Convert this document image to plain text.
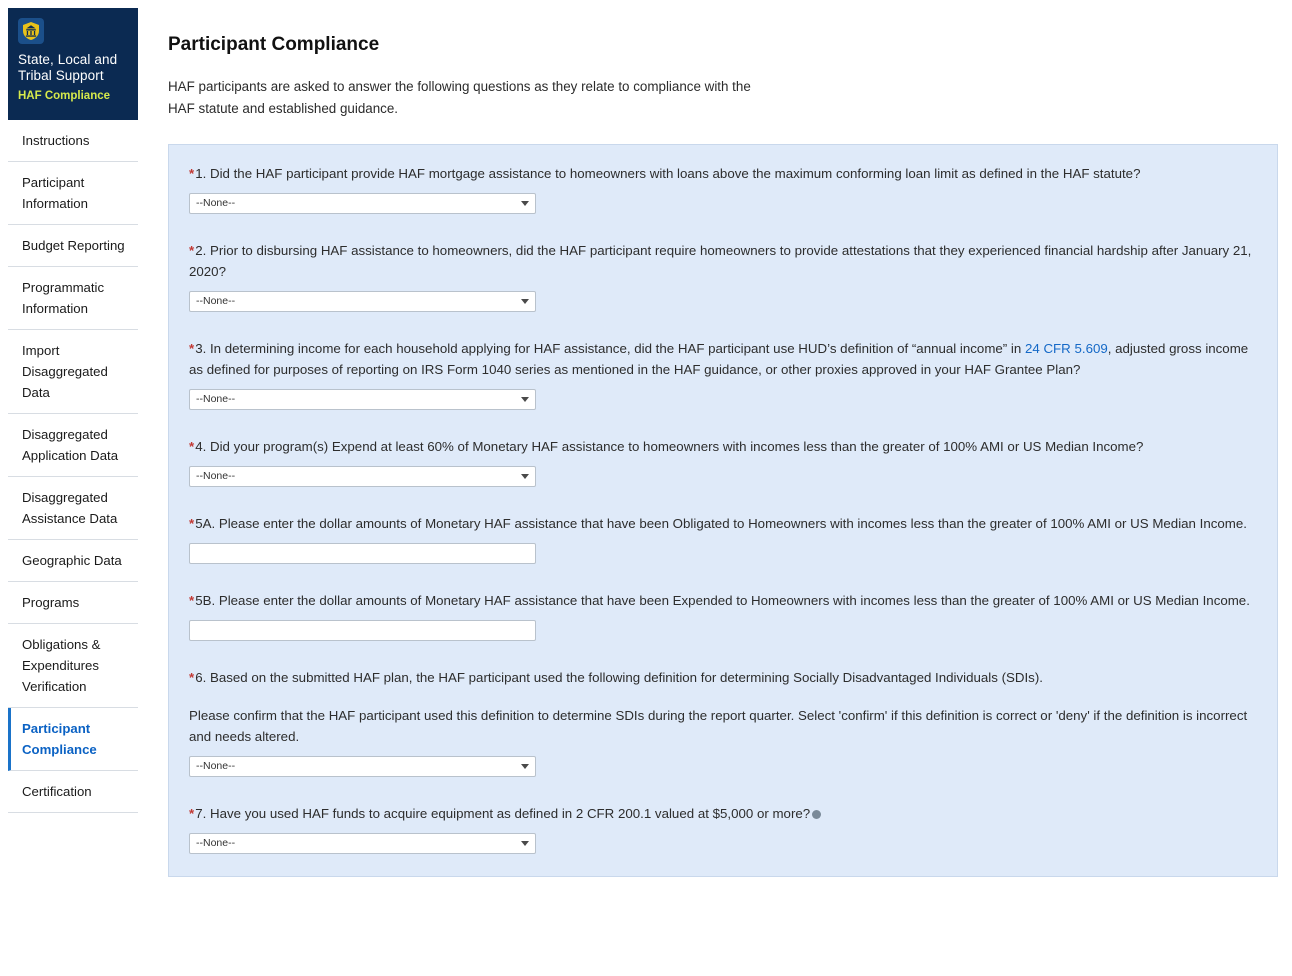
State, Local and Tribal Support
HAF Compliance
Instructions
Participant Information
Budget Reporting
Programmatic Information
Import Disaggregated Data
Disaggregated Application Data
Disaggregated Assistance Data
Geographic Data
Programs
Obligations & Expenditures Verification
Participant Compliance
Certification
Participant Compliance
HAF participants are asked to answer the following questions as they relate to compliance with the
HAF statute and established guidance.
*1. Did the HAF participant provide HAF mortgage assistance to homeowners with loans above the maximum conforming loan limit as defined in the HAF statute?
--None--
*2. Prior to disbursing HAF assistance to homeowners, did the HAF participant require homeowners to provide attestations that they experienced financial hardship after January 21, 2020?
--None--
*3. In determining income for each household applying for HAF assistance, did the HAF participant use HUD’s definition of “annual income” in 24 CFR 5.609, adjusted gross income as defined for purposes of reporting on IRS Form 1040 series as mentioned in the HAF guidance, or other proxies approved in your HAF Grantee Plan?
--None--
*4. Did your program(s) Expend at least 60% of Monetary HAF assistance to homeowners with incomes less than the greater of 100% AMI or US Median Income?
--None--
*5A. Please enter the dollar amounts of Monetary HAF assistance that have been Obligated to Homeowners with incomes less than the greater of 100% AMI or US Median Income.
*5B. Please enter the dollar amounts of Monetary HAF assistance that have been Expended to Homeowners with incomes less than the greater of 100% AMI or US Median Income.
*6. Based on the submitted HAF plan, the HAF participant used the following definition for determining Socially Disadvantaged Individuals (SDIs).
Please confirm that the HAF participant used this definition to determine SDIs during the report quarter. Select 'confirm' if this definition is correct or 'deny' if the definition is incorrect and needs altered.
--None--
*7. Have you used HAF funds to acquire equipment as defined in 2 CFR 200.1 valued at $5,000 or more?
--None--
